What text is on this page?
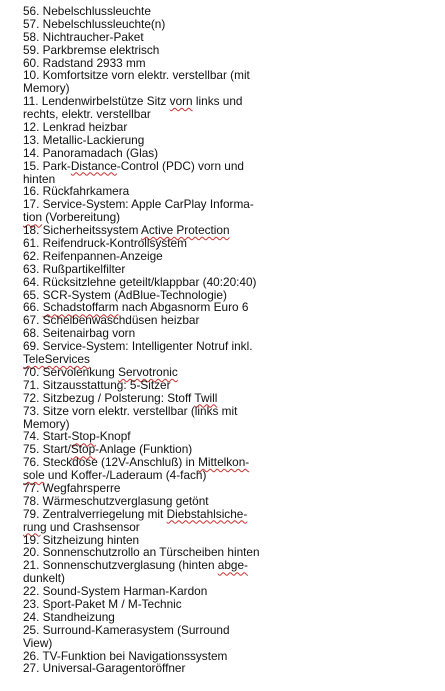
56. Nebelschlussleuchte
57. Nebelschlussleuchte(n)
58. Nichtraucher-Paket
59. Parkbremse elektrisch
60. Radstand 2933 mm
10. Komfortsitze vorn elektr. verstellbar (mit
Memory)
11. Lendenwirbelstütze Sitz vorn links und
rechts, elektr. verstellbar
12. Lenkrad heizbar
13. Metallic-Lackierung
14. Panoramadach (Glas)
15. Park-Distance-Control (PDC) vorn und
hinten
16. Rückfahrkamera
17. Service-System: Apple CarPlay Informa-
tion (Vorbereitung)
18. Sicherheitssystem Active Protection
61. Reifendruck-Kontrollsystem
62. Reifenpannen-Anzeige
63. Rußpartikelfilter
64. Rücksitzlehne geteilt/klappbar (40:20:40)
65. SCR-System (AdBlue-Technologie)
66. Schadstoffarm nach Abgasnorm Euro 6
67. Scheibenwaschdüsen heizbar
68. Seitenairbag vorn
69. Service-System: Intelligenter Notruf inkl.
TeleServices
70. Servolenkung Servotronic
71. Sitzausstattung: 5-Sitzer
72. Sitzbezug / Polsterung: Stoff Twill
73. Sitze vorn elektr. verstellbar (links mit
Memory)
74. Start-Stop-Knopf
75. Start/Stop-Anlage (Funktion)
76. Steckdose (12V-Anschluß) in Mittelkon-
sole und Koffer-/Laderaum (4-fach)
77. Wegfahrsperre
78. Wärmeschutzverglasung getönt
79. Zentralverriegelung mit Diebstahlsiche-
rung und Crashsensor
19. Sitzheizung hinten
20. Sonnenschutzrollo an Türscheiben hinten
21. Sonnenschutzverglasung (hinten abge-
dunkelt)
22. Sound-System Harman-Kardon
23. Sport-Paket M / M-Technic
24. Standheizung
25. Surround-Kamerasystem (Surround
View)
26. TV-Funktion bei Navigationssystem
27. Universal-Garagentoröffner
